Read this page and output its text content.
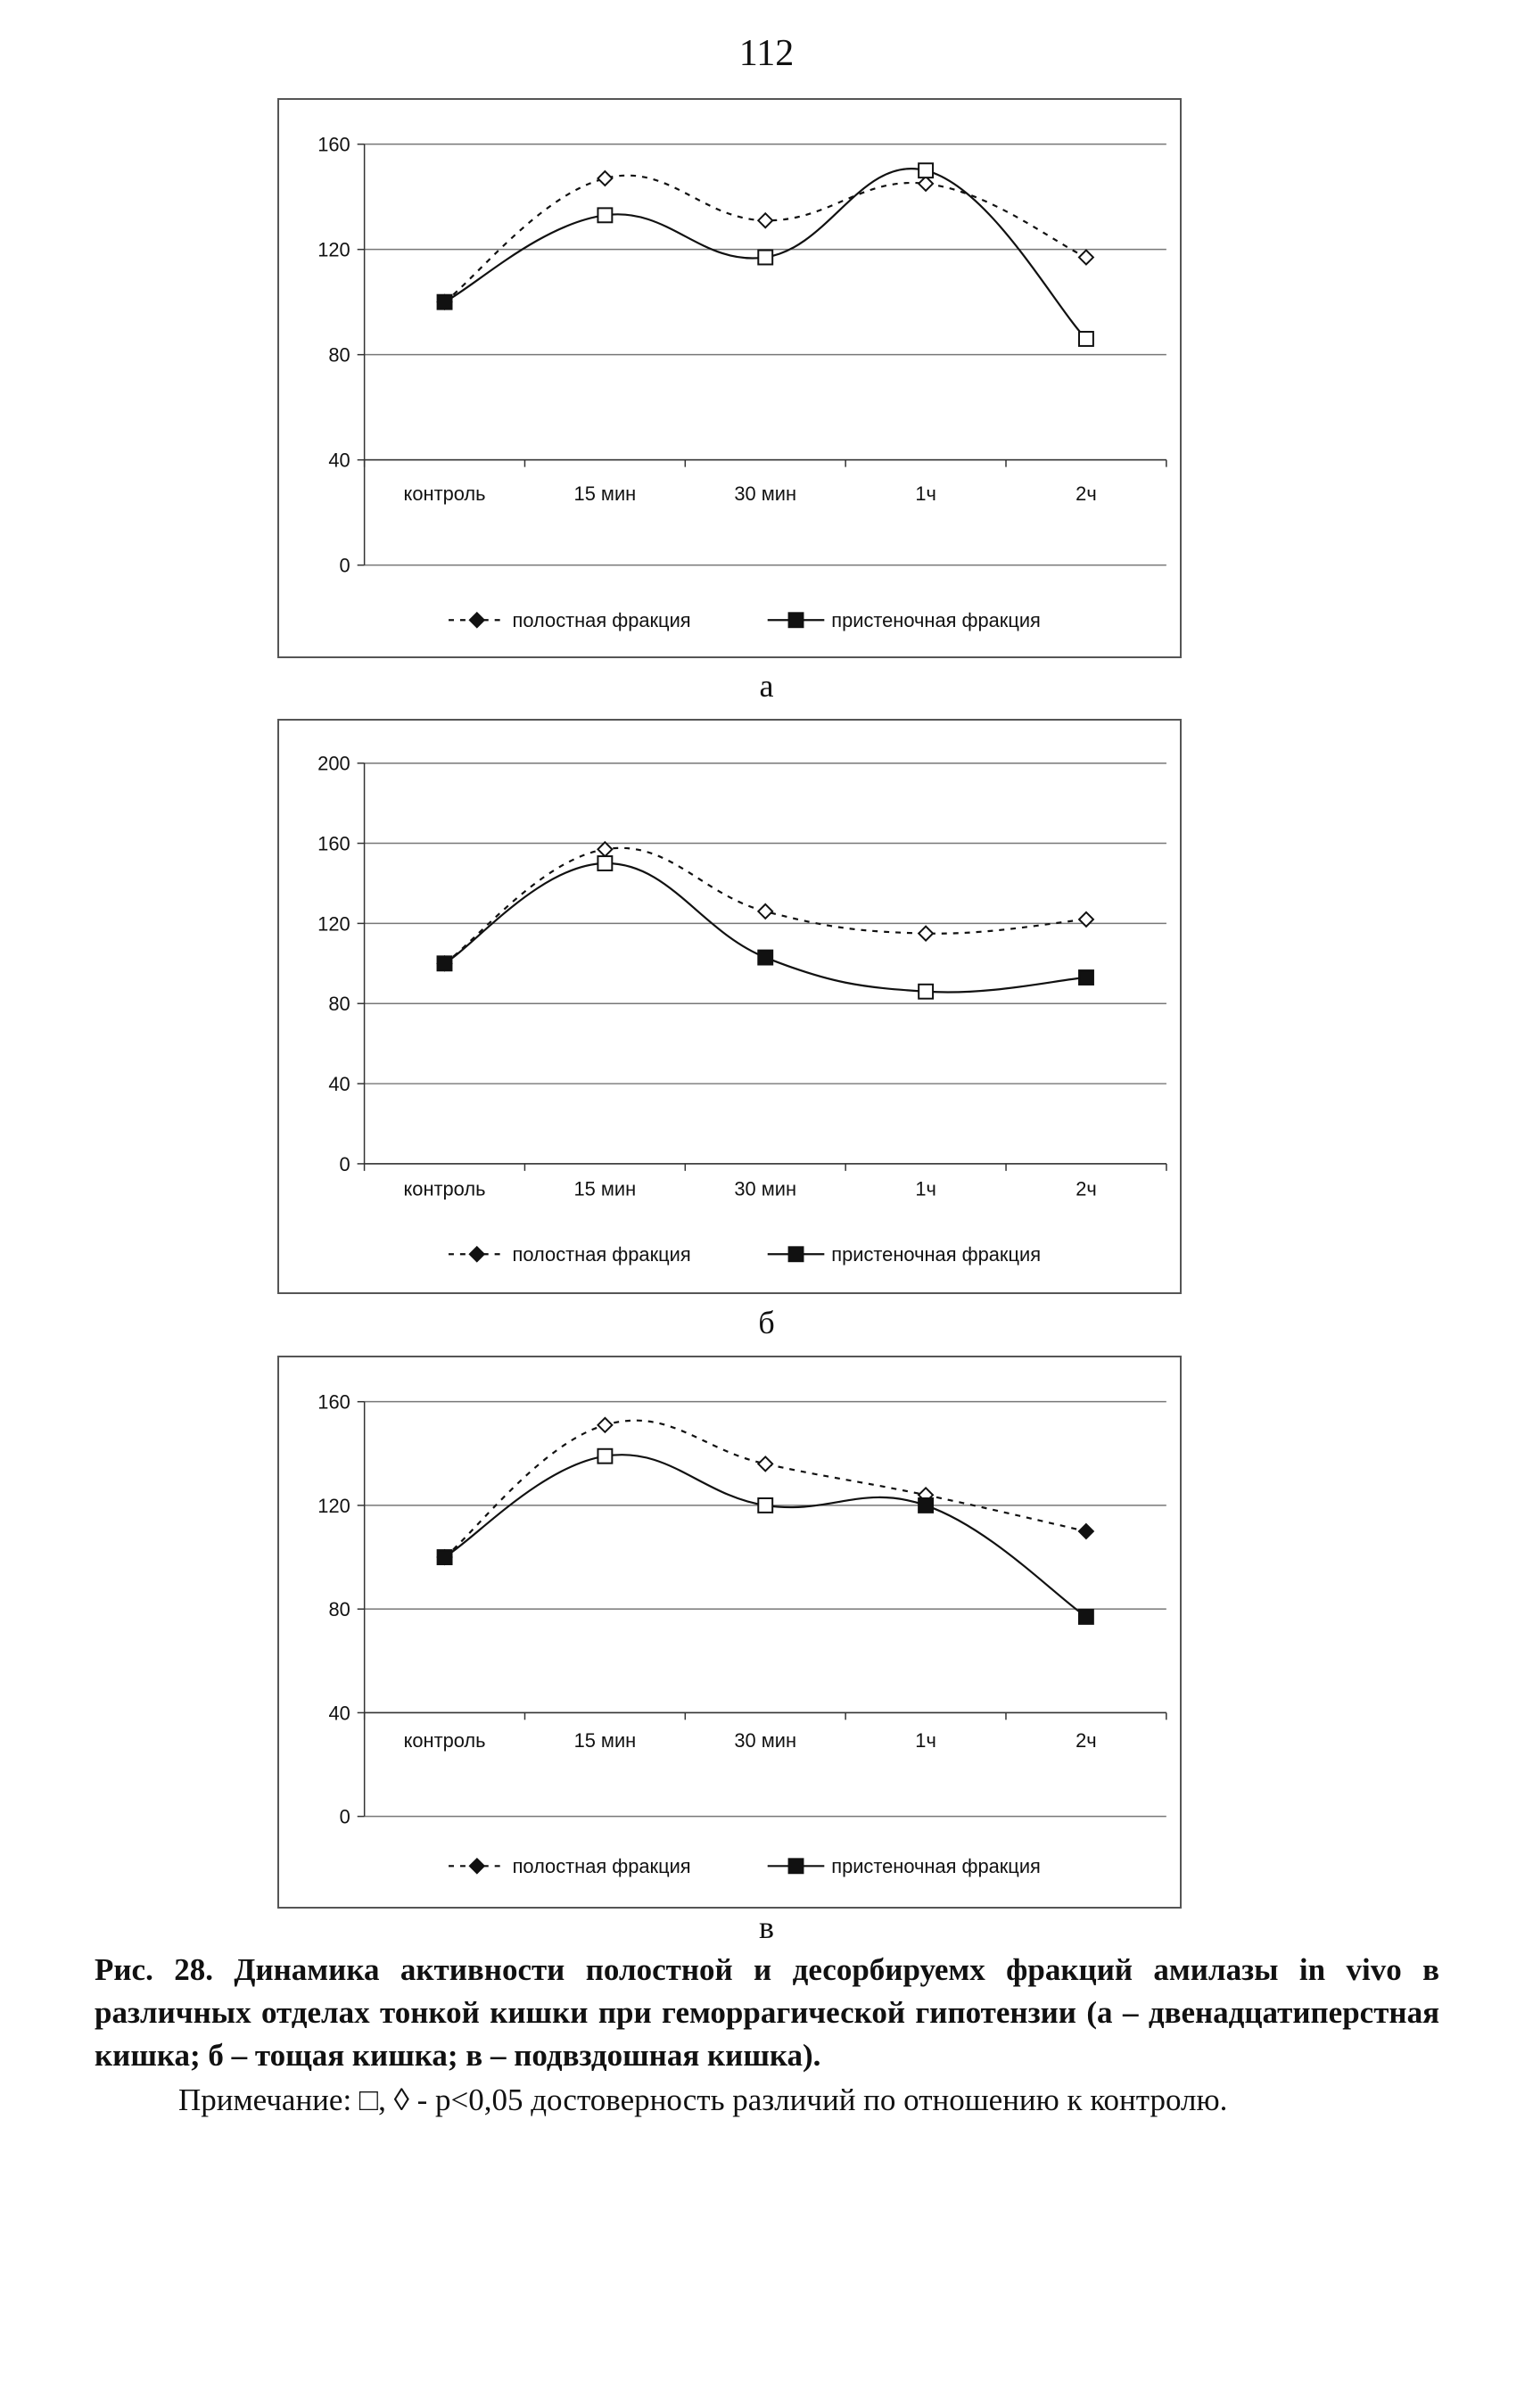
112
0
40
80
120
160
контроль	15 мин	30 мин	1ч	2ч
полостная фракция	пристеночная фракция
а
0
40
80
120
160
200
контроль	15 мин	30 мин	1ч	2ч
полостная фракция	пристеночная фракция
б
0
40
80
120
160
контроль	15 мин	30 мин	1ч	2ч
полостная фракция	пристеночная фракция
в
Рис. 28. Динамика активности полостной и десорбируемх фракций амилазы in vivo в различных отделах тонкой кишки при геморрагической гипотензии (а – двенадцатиперстная кишка; б – тощая кишка; в – подвздошная кишка).
Примечание: □, ◊ - p<0,05 достоверность различий по отношению к контролю.
